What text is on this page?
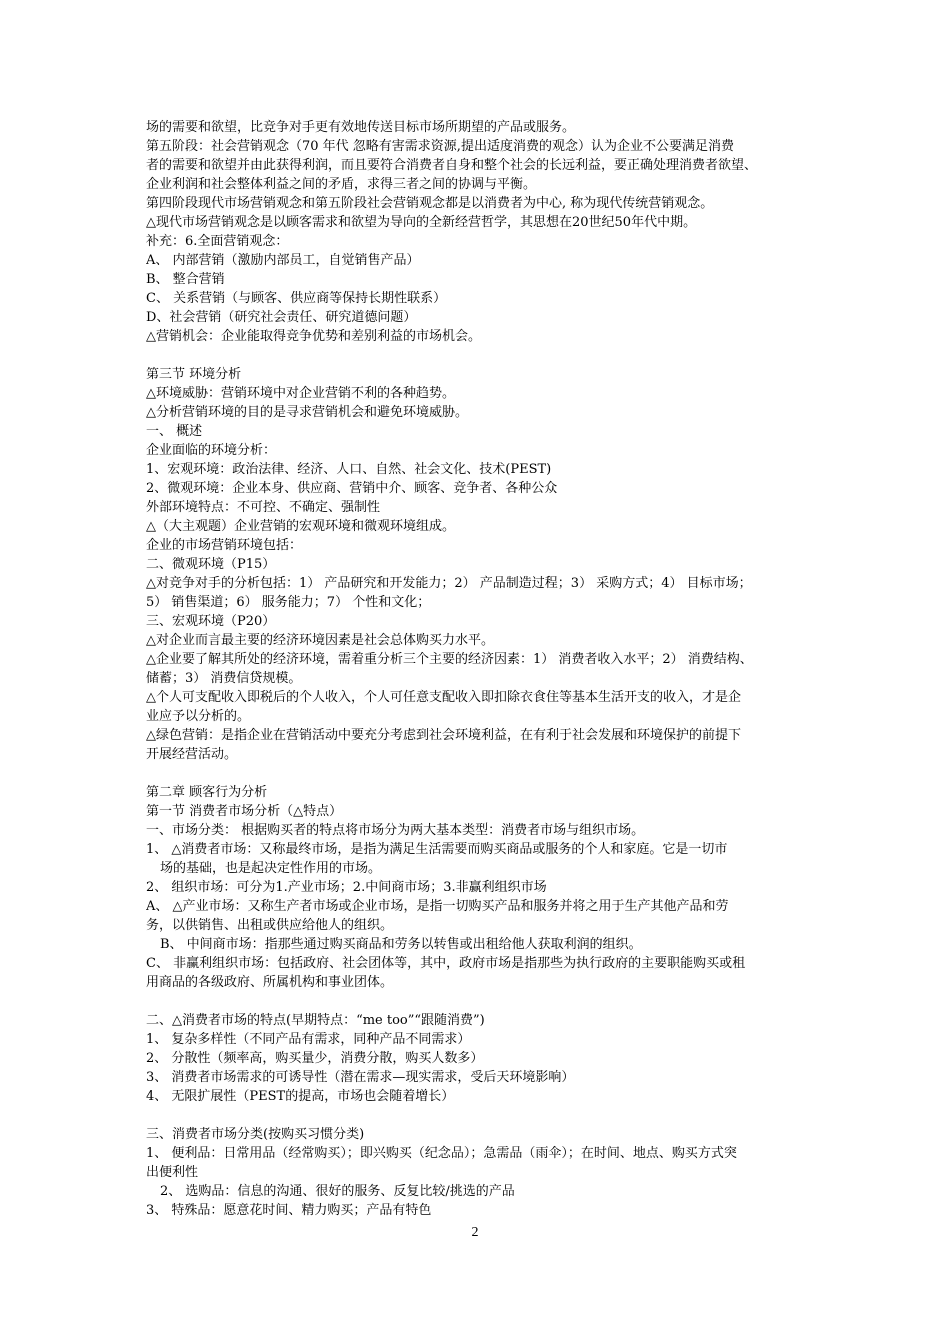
场的需要和欲望，比竞争对手更有效地传送目标市场所期望的产品或服务。
第五阶段：社会营销观念（70 年代 忽略有害需求资源,提出适度消费的观念）认为企业不公要满足消费
者的需要和欲望并由此获得利润，而且要符合消费者自身和整个社会的长远利益，要正确处理消费者欲望、
企业利润和社会整体利益之间的矛盾，求得三者之间的协调与平衡。
第四阶段现代市场营销观念和第五阶段社会营销观念都是以消费者为中心, 称为现代传统营销观念。
△现代市场营销观念是以顾客需求和欲望为导向的全新经营哲学，其思想在20世纪50年代中期。
补充：6.全面营销观念：
A、 内部营销（激励内部员工，自觉销售产品）
B、 整合营销
C、 关系营销（与顾客、供应商等保持长期性联系）
D、社会营销（研究社会责任、研究道德问题）
△营销机会：企业能取得竞争优势和差别利益的市场机会。
第三节 环境分析
△环境威胁：营销环境中对企业营销不利的各种趋势。
△分析营销环境的目的是寻求营销机会和避免环境威胁。
一、 概述
企业面临的环境分析：
1、宏观环境：政治法律、经济、人口、自然、社会文化、技术(PEST)
2、微观环境：企业本身、供应商、营销中介、顾客、竞争者、各种公众
外部环境特点：不可控、不确定、强制性
△（大主观题）企业营销的宏观环境和微观环境组成。
企业的市场营销环境包括：
二、微观环境（P15）
△对竞争对手的分析包括：1） 产品研究和开发能力；2） 产品制造过程；3） 采购方式；4） 目标市场；
5） 销售渠道；6） 服务能力；7） 个性和文化；
三、宏观环境（P20）
△对企业而言最主要的经济环境因素是社会总体购买力水平。
△企业要了解其所处的经济环境，需着重分析三个主要的经济因素：1） 消费者收入水平；2） 消费结构、
储蓄；3） 消费信贷规模。
△个人可支配收入即税后的个人收入，个人可任意支配收入即扣除衣食住等基本生活开支的收入，才是企
业应予以分析的。
△绿色营销：是指企业在营销活动中要充分考虑到社会环境利益，在有利于社会发展和环境保护的前提下
开展经营活动。
第二章 顾客行为分析
第一节 消费者市场分析（△特点）
一、市场分类： 根据购买者的特点将市场分为两大基本类型：消费者市场与组织市场。
1、 △消费者市场：又称最终市场，是指为满足生活需要而购买商品或服务的个人和家庭。它是一切市
场的基础，也是起决定性作用的市场。
2、 组织市场：可分为1.产业市场；2.中间商市场；3.非赢利组织市场
A、 △产业市场：又称生产者市场或企业市场，是指一切购买产品和服务并将之用于生产其他产品和劳
务，以供销售、出租或供应给他人的组织。
B、 中间商市场：指那些通过购买商品和劳务以转售或出租给他人获取利润的组织。
C、 非赢利组织市场：包括政府、社会团体等，其中，政府市场是指那些为执行政府的主要职能购买或租
用商品的各级政府、所属机构和事业团体。
二、△消费者市场的特点(早期特点：“me too”“跟随消费”)
1、 复杂多样性（不同产品有需求，同种产品不同需求）
2、 分散性（频率高，购买量少，消费分散，购买人数多）
3、 消费者市场需求的可诱导性（潜在需求—现实需求，受后天环境影响）
4、 无限扩展性（PEST的提高，市场也会随着增长）
三、消费者市场分类(按购买习惯分类)
1、 便利品：日常用品（经常购买）；即兴购买（纪念品）；急需品（雨伞）；在时间、地点、购买方式突
出便利性
2、 选购品：信息的沟通、很好的服务、反复比较/挑选的产品
3、 特殊品：愿意花时间、精力购买；产品有特色
2
